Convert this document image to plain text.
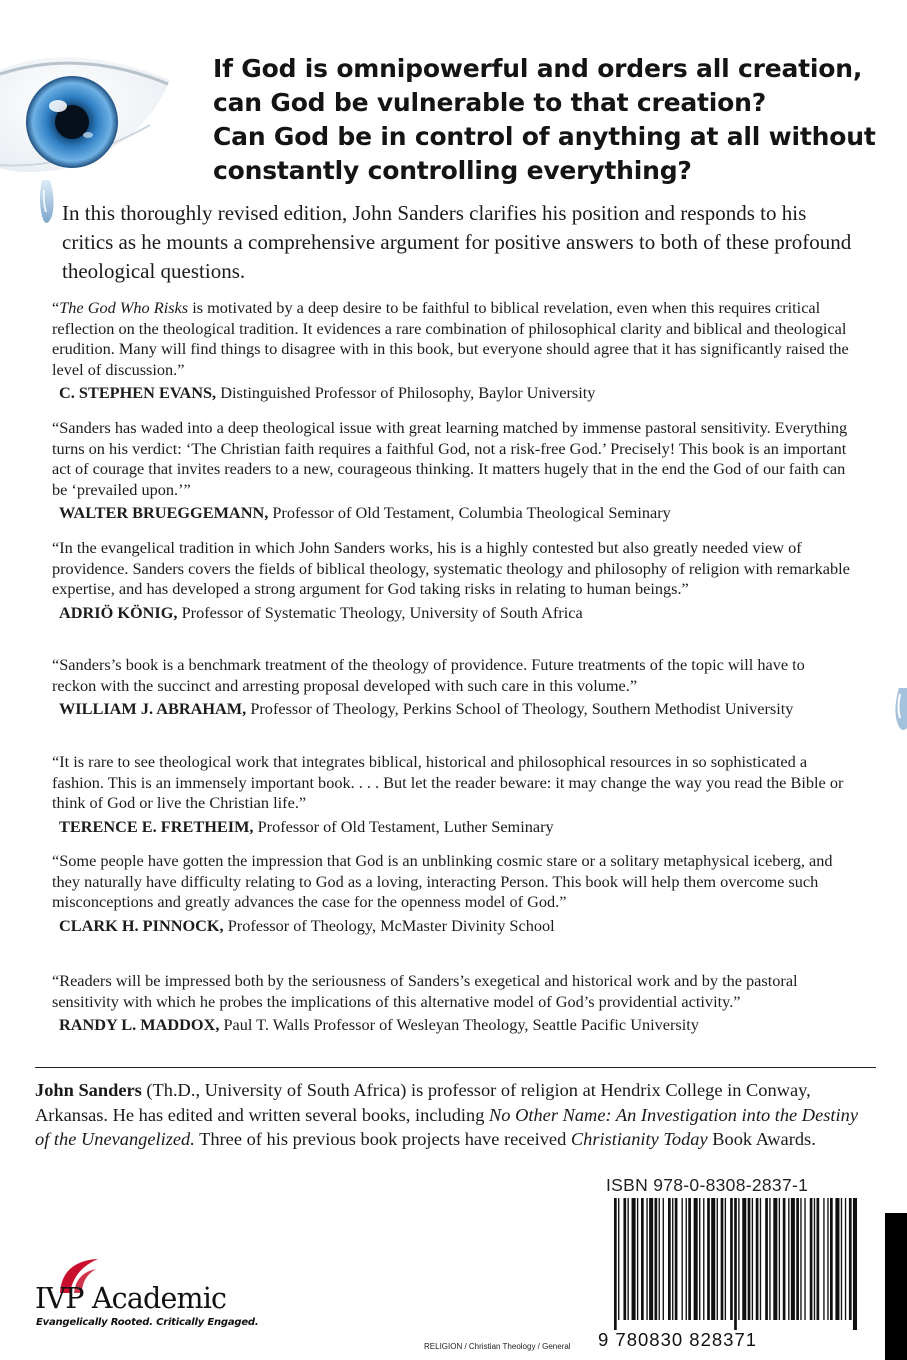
If God is omnipowerful and orders all creation, can God be vulnerable to that creation?
Can God be in control of anything at all without constantly controlling everything?
In this thoroughly revised edition, John Sanders clarifies his position and responds to his critics as he mounts a comprehensive argument for positive answers to both of these profound theological questions.

“The God Who Risks is motivated by a deep desire to be faithful to biblical revelation, even when this requires critical reflection on the theological tradition. It evidences a rare combination of philosophical clarity and biblical and theological erudition. Many will find things to disagree with in this book, but everyone should agree that it has significantly raised the level of discussion.”

C. STEPHEN EVANS, Distinguished Professor of Philosophy, Baylor University

“Sanders has waded into a deep theological issue with great learning matched by immense pastoral sensitivity. Everything turns on his verdict: ‘The Christian faith requires a faithful God, not a risk-free God.’ Precisely! This book is an important act of courage that invites readers to a new, courageous thinking. It matters hugely that in the end the God of our faith can be ‘prevailed upon.’”

WALTER BRUEGGEMANN, Professor of Old Testament, Columbia Theological Seminary

“In the evangelical tradition in which John Sanders works, his is a highly contested but also greatly needed view of providence. Sanders covers the fields of biblical theology, systematic theology and philosophy of religion with remarkable expertise, and has developed a strong argument for God taking risks in relating to human beings.”

ADRIÖ KÖNIG, Professor of Systematic Theology, University of South Africa

“Sanders’s book is a benchmark treatment of the theology of providence. Future treatments of the topic will have to reckon with the succinct and arresting proposal developed with such care in this volume.”

WILLIAM J. ABRAHAM, Professor of Theology, Perkins School of Theology, Southern Methodist University

“It is rare to see theological work that integrates biblical, historical and philosophical resources in so sophisticated a fashion. This is an immensely important book. . . . But let the reader beware: it may change the way you read the Bible or think of God or live the Christian life.”

TERENCE E. FRETHEIM, Professor of Old Testament, Luther Seminary

“Some people have gotten the impression that God is an unblinking cosmic stare or a solitary metaphysical iceberg, and they naturally have difficulty relating to God as a loving, interacting Person. This book will help them overcome such misconceptions and greatly advances the case for the openness model of God.”

CLARK H. PINNOCK, Professor of Theology, McMaster Divinity School

“Readers will be impressed both by the seriousness of Sanders’s exegetical and historical work and by the pastoral sensitivity with which he probes the implications of this alternative model of God’s providential activity.”

RANDY L. MADDOX, Paul T. Walls Professor of Wesleyan Theology, Seattle Pacific University

John Sanders (Th.D., University of South Africa) is professor of religion at Hendrix College in Conway, Arkansas. He has edited and written several books, including No Other Name: An Investigation into the Destiny of the Unevangelized. Three of his previous book projects have received Christianity Today Book Awards.
ISBN 978-0-8308-2837-1
9 780830 828371
RELIGION / Christian Theology / General
IVP Academic
Evangelically Rooted. Critically Engaged.
